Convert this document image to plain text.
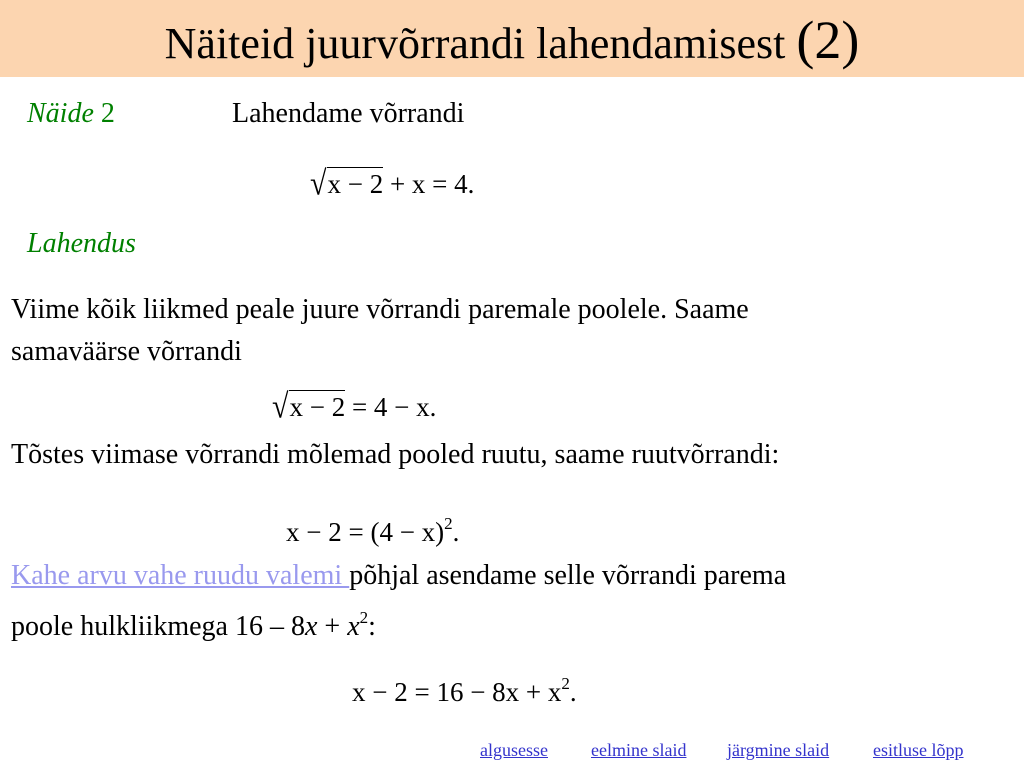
Näiteid juurvõrrandi lahendamisest (2)
Näide 2	Lahendame võrrandi
√x − 2 + x = 4.
Lahendus
Viime kõik liikmed peale juure võrrandi paremale poolele. Saame
samaväärse võrrandi
√x − 2 = 4 − x.
Tõstes viimase võrrandi mõlemad pooled ruutu, saame ruutvõrrandi:
$x - 2 = (4 - x)^2$.
Kahe arvu vahe ruudu valemi põhjal asendame selle võrrandi parema
poole hulkliikmega $16 - 8x + x^2$:
$x - 2 = 16 - 8x + x^2$.
algusesse eelmine slaid järgmine slaid esitluse lõpp
